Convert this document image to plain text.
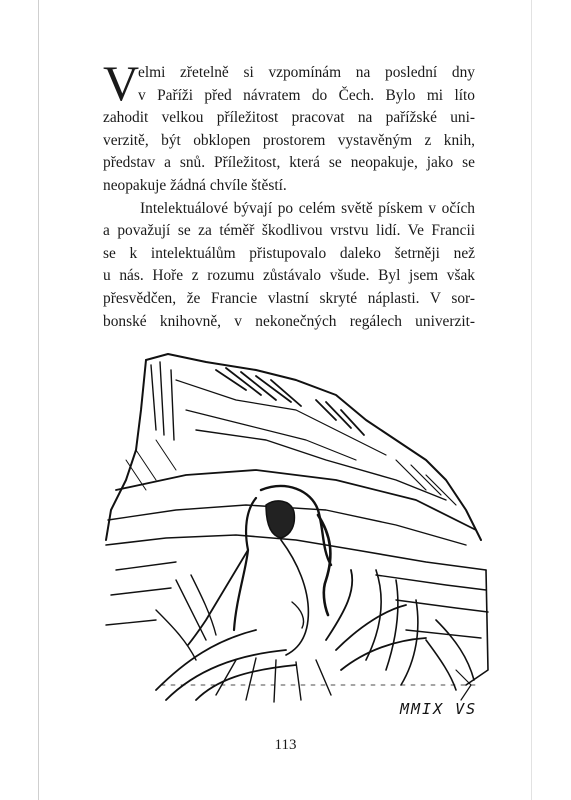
V
elmi zřetelně si vzpomínám na poslední dny
v Paříži před návratem do Čech. Bylo mi líto
zahodit velkou příležitost pracovat na pařížské uni-
verzitě, být obklopen prostorem vystavěným z knih,
představ a snů. Příležitost, která se neopakuje, jako se
neopakuje žádná chvíle štěstí.
Intelektuálové bývají po celém světě pískem v očích
a považují se za téměř škodlivou vrstvu lidí. Ve Francii
se k intelektuálům přistupovalo daleko šetrněji než
u nás. Hoře z rozumu zůstávalo všude. Byl jsem však
přesvědčen, že Francie vlastní skryté náplasti. V sor-
bonské knihovně, v nekonečných regálech univerzit-
MMIX VS
113
